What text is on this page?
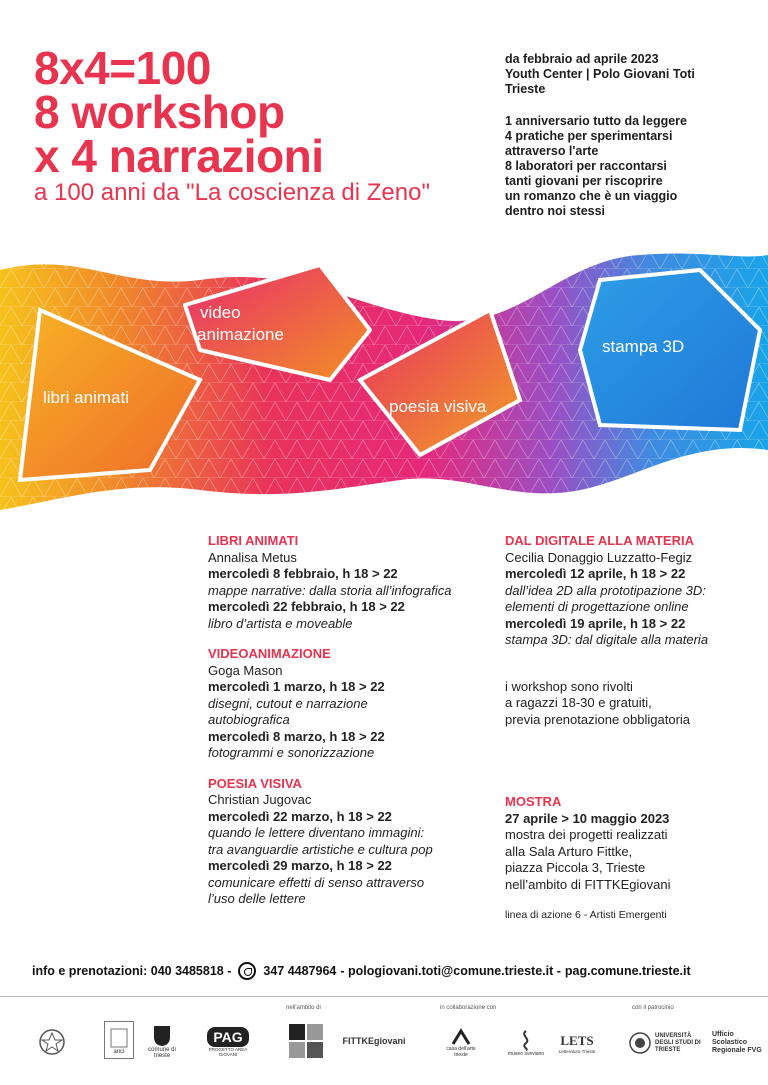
8x4=100
8 workshop
x 4 narrazioni
a 100 anni da "La coscienza di Zeno"

da febbraio ad aprile 2023

Youth Center | Polo Giovani Toti

Trieste

1 anniversario tutto da leggere

4 pratiche per sperimentarsi

attraverso l'arte

8 laboratori per raccontarsi

tanti giovani per riscoprire

un romanzo che è un viaggio

dentro noi stessi

libri animati
video
animazione
poesia visiva
stampa 3D
LIBRI ANIMATI
Annalisa Metus
mercoledì 8 febbraio, h 18 > 22
mappe narrative: dalla storia all’infografica
mercoledì 22 febbraio, h 18 > 22
libro d’artista e moveable
VIDEOANIMAZIONE
Goga Mason
mercoledì 1 marzo, h 18 > 22
disegni, cutout e narrazione
autobiografica
mercoledì 8 marzo, h 18 > 22
fotogrammi e sonorizzazione
POESIA VISIVA
Christian Jugovac
mercoledì 22 marzo, h 18 > 22
quando le lettere diventano immagini:
tra avanguardie artistiche e cultura pop
mercoledì 29 marzo, h 18 > 22
comunicare effetti di senso attraverso
l’uso delle lettere
DAL DIGITALE ALLA MATERIA
Cecilia Donaggio Luzzatto-Fegiz
mercoledì 12 aprile, h 18 > 22
dall’idea 2D alla prototipazione 3D:
elementi di progettazione online
mercoledì 19 aprile, h 18 > 22
stampa 3D: dal digitale alla materia
i workshop sono rivolti
a ragazzi 18-30 e gratuiti,
previa prenotazione obbligatoria
MOSTRA
27 aprile > 10 maggio 2023
mostra dei progetti realizzati
alla Sala Arturo Fittke,
piazza Piccola 3, Trieste
nell’ambito di FITTKEgiovani
linea di azione 6 - Artisti Emergenti
info e prenotazioni: 040 3485818 -	347 4487964 - pologiovani.toti@comune.trieste.it - pag.comune.trieste.it
nell'ambito di	in collaborazione con	con il patrocinio
anci	comune di trieste
PAG
PROGETTO AREA GIOVANI
FITTKEgiovani
casa dell'arte trieste	museo sveviano
LETS
Letteratura Trieste
UNIVERSITÀ DEGLI STUDI DI TRIESTE
Ufficio Scolastico Regionale FVG
